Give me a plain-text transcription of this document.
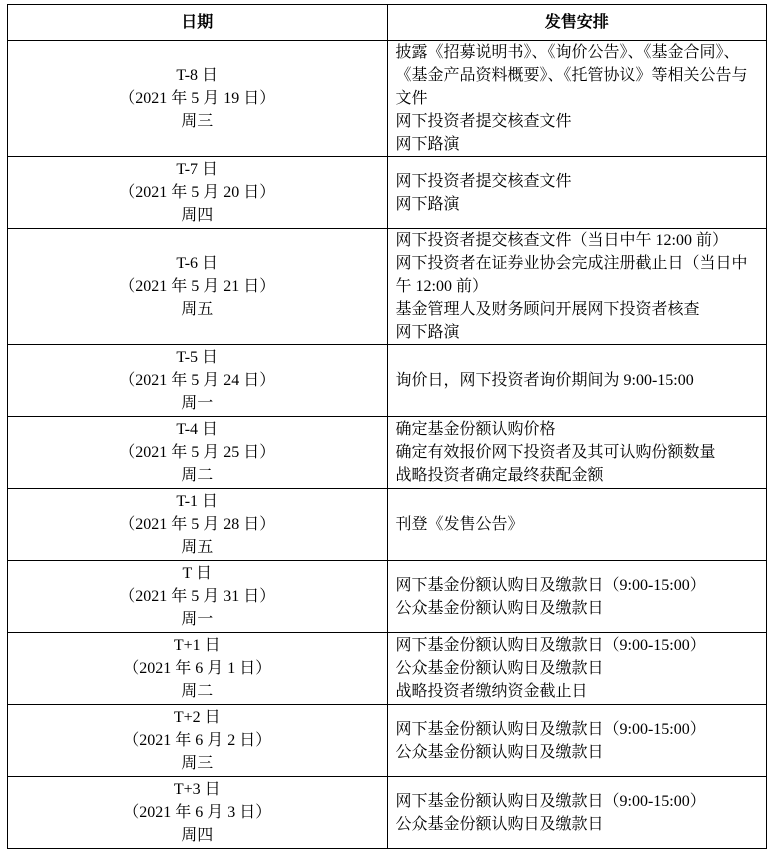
日期	发售安排

T-8 日
（2021 年 5 月 19 日）
周三	披露《招募说明书》、《询价公告》、《基金合同》、《基金产品资料概要》、《托管协议》等相关公告与文件
网下投资者提交核查文件
网下路演

T-7 日
（2021 年 5 月 20 日）
周四	网下投资者提交核查文件
网下路演

T-6 日
（2021 年 5 月 21 日）
周五	网下投资者提交核查文件（当日中午 12:00 前）
网下投资者在证券业协会完成注册截止日（当日中午 12:00 前）
基金管理人及财务顾问开展网下投资者核查
网下路演

T-5 日
（2021 年 5 月 24 日）
周一	询价日，网下投资者询价期间为 9:00-15:00

T-4 日
（2021 年 5 月 25 日）
周二	确定基金份额认购价格
确定有效报价网下投资者及其可认购份额数量
战略投资者确定最终获配金额

T-1 日
（2021 年 5 月 28 日）
周五	刊登《发售公告》

T 日
（2021 年 5 月 31 日）
周一	网下基金份额认购日及缴款日（9:00-15:00）
公众基金份额认购日及缴款日

T+1 日
（2021 年 6 月 1 日）
周二	网下基金份额认购日及缴款日（9:00-15:00）
公众基金份额认购日及缴款日
战略投资者缴纳资金截止日

T+2 日
（2021 年 6 月 2 日）
周三	网下基金份额认购日及缴款日（9:00-15:00）
公众基金份额认购日及缴款日

T+3 日
（2021 年 6 月 3 日）
周四	网下基金份额认购日及缴款日（9:00-15:00）
公众基金份额认购日及缴款日
